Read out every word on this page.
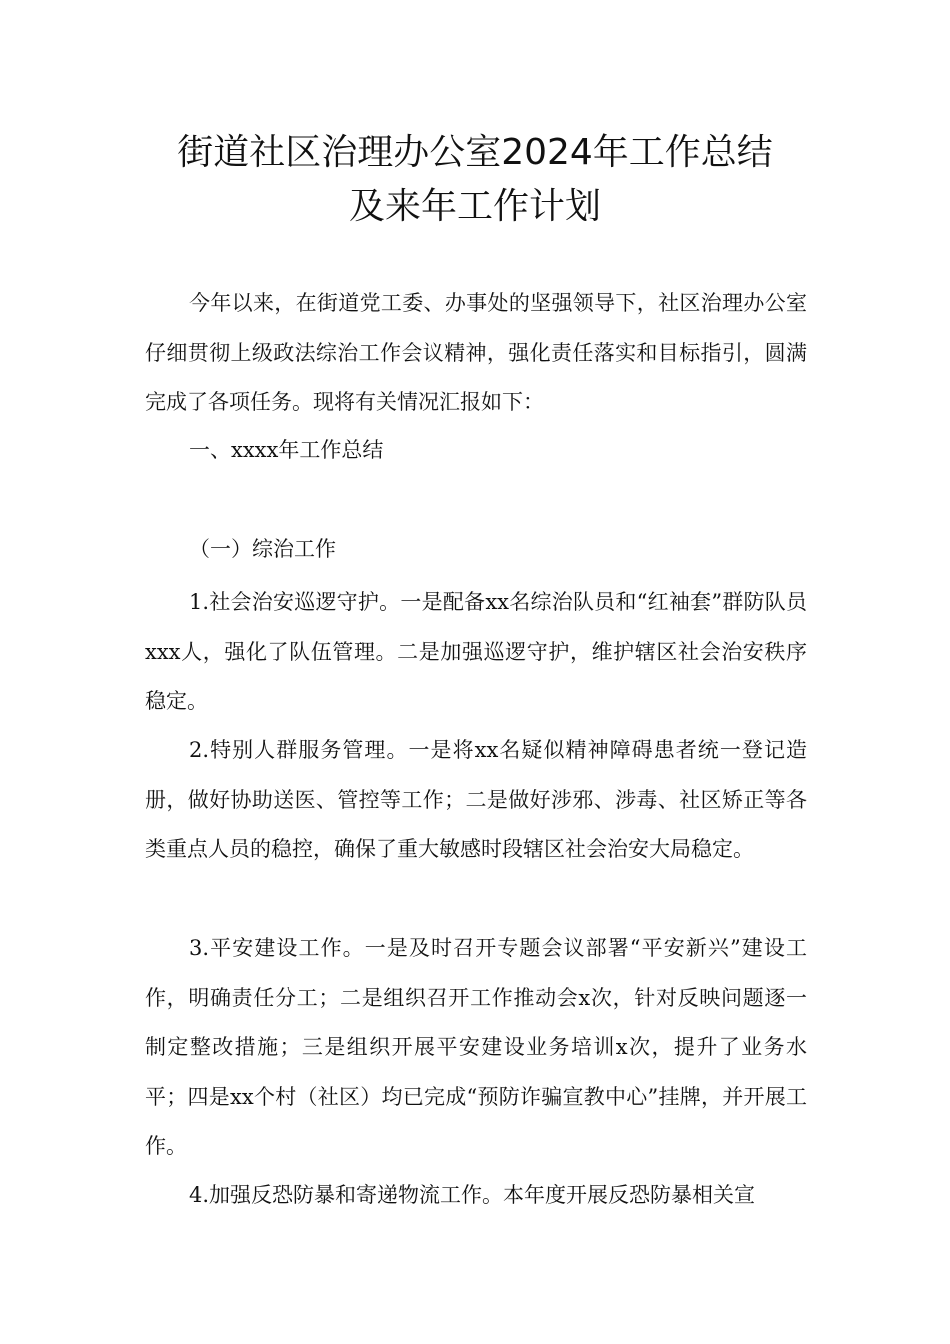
街道社区治理办公室2024年工作总结
及来年工作计划

今年以来，在街道党工委、办事处的坚强领导下，社区治理办公室仔细贯彻上级政法综治工作会议精神，强化责任落实和目标指引，圆满完成了各项任务。现将有关情况汇报如下：

一、xxxx年工作总结

（一）综治工作

1.社会治安巡逻守护。一是配备xx名综治队员和“红袖套”群防队员xxx人，强化了队伍管理。二是加强巡逻守护，维护辖区社会治安秩序稳定。

2.特别人群服务管理。一是将xx名疑似精神障碍患者统一登记造册，做好协助送医、管控等工作；二是做好涉邪、涉毒、社区矫正等各类重点人员的稳控，确保了重大敏感时段辖区社会治安大局稳定。

3.平安建设工作。一是及时召开专题会议部署“平安新兴”建设工作，明确责任分工；二是组织召开工作推动会x次，针对反映问题逐一制定整改措施；三是组织开展平安建设业务培训x次，提升了业务水平；四是xx个村（社区）均已完成“预防诈骗宣教中心”挂牌，并开展工作。

4.加强反恐防暴和寄递物流工作。本年度开展反恐防暴相关宣
